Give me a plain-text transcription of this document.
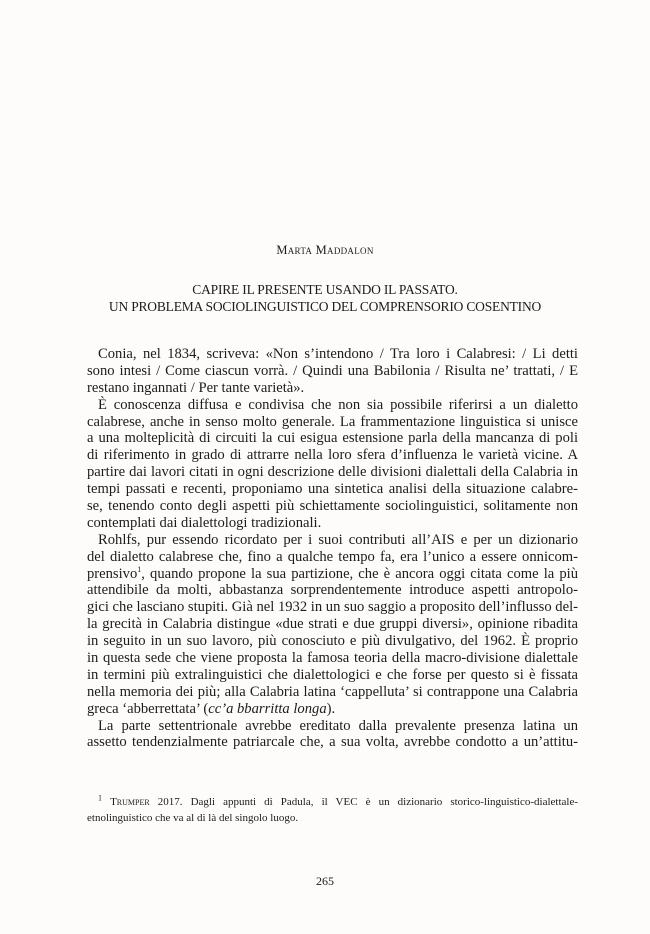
Marta Maddalon
CAPIRE IL PRESENTE USANDO IL PASSATO.
UN PROBLEMA SOCIOLINGUISTICO DEL COMPRENSORIO COSENTINO
Conia, nel 1834, scriveva: «Non s’intendono / Tra loro i Calabresi: / Li detti
sono intesi / Come ciascun vorrà. / Quindi una Babilonia / Risulta ne’ trattati, / E
restano ingannati / Per tante varietà».
È conoscenza diffusa e condivisa che non sia possibile riferirsi a un dialetto
calabrese, anche in senso molto generale. La frammentazione linguistica si unisce
a una molteplicità di circuiti la cui esigua estensione parla della mancanza di poli
di riferimento in grado di attrarre nella loro sfera d’influenza le varietà vicine. A
partire dai lavori citati in ogni descrizione delle divisioni dialettali della Calabria in
tempi passati e recenti, proponiamo una sintetica analisi della situazione calabre-
se, tenendo conto degli aspetti più schiettamente sociolinguistici, solitamente non
contemplati dai dialettologi tradizionali.
Rohlfs, pur essendo ricordato per i suoi contributi all’AIS e per un dizionario
del dialetto calabrese che, fino a qualche tempo fa, era l’unico a essere onnicom-
prensivo$^1$, quando propone la sua partizione, che è ancora oggi citata come la più
attendibile da molti, abbastanza sorprendentemente introduce aspetti antropolo-
gici che lasciano stupiti. Già nel 1932 in un suo saggio a proposito dell’influsso del-
la grecità in Calabria distingue «due strati e due gruppi diversi», opinione ribadita
in seguito in un suo lavoro, più conosciuto e più divulgativo, del 1962. È proprio
in questa sede che viene proposta la famosa teoria della macro-divisione dialettale
in termini più extralinguistici che dialettologici e che forse per questo si è fissata
nella memoria dei più; alla Calabria latina ‘cappelluta’ si contrappone una Calabria
greca ‘abberrettata’ (cc’a bbarritta longa).
La parte settentrionale avrebbe ereditato dalla prevalente presenza latina un
assetto tendenzialmente patriarcale che, a sua volta, avrebbe condotto a un’attitu-
$^1$ Trumper 2017. Dagli appunti di Padula, il VEC è un dizionario storico-linguistico-dialettale-
etnolinguistico che va al di là del singolo luogo.
265
